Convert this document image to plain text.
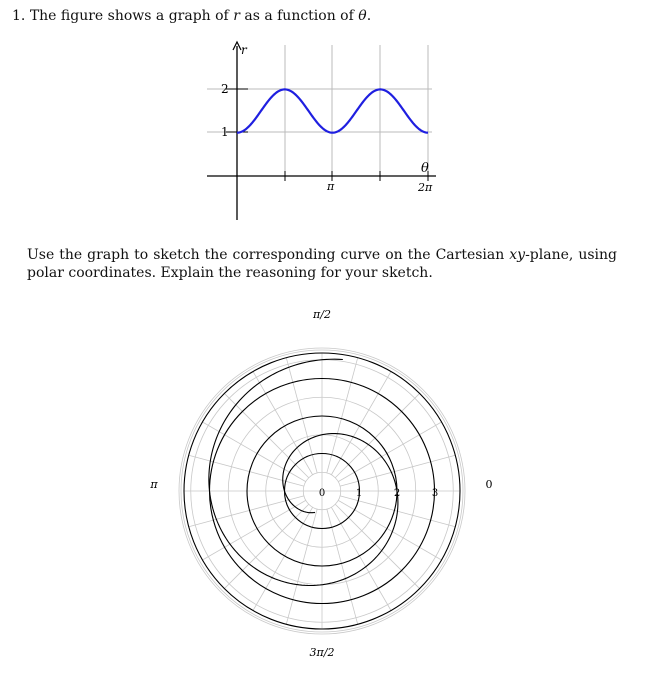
1. The figure shows a graph of r as a function of θ.

r
2
1
π	2π
θ

Use the graph to sketch the corresponding curve on the Cartesian xy-plane, using polar coordinates. Explain the reasoning for your sketch.

π/2
π
3π/2
0
0	1	2	3
